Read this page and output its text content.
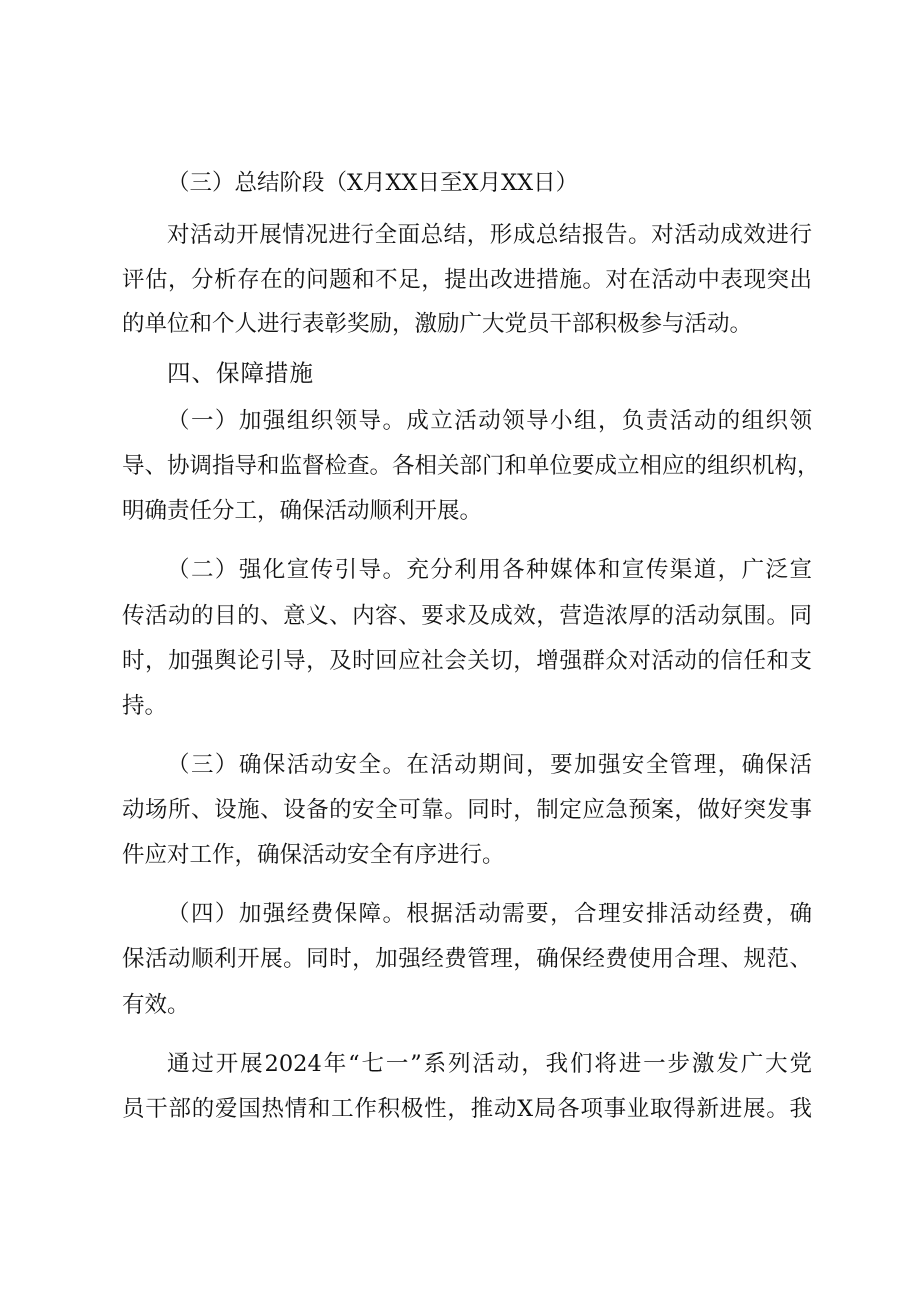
（三）总结阶段（X月XX日至X月XX日）
对活动开展情况进行全面总结，形成总结报告。对活动成效进行
评估，分析存在的问题和不足，提出改进措施。对在活动中表现突出
的单位和个人进行表彰奖励，激励广大党员干部积极参与活动。
四、保障措施
（一）加强组织领导。成立活动领导小组，负责活动的组织领
导、协调指导和监督检查。各相关部门和单位要成立相应的组织机构，
明确责任分工，确保活动顺利开展。
（二）强化宣传引导。充分利用各种媒体和宣传渠道，广泛宣
传活动的目的、意义、内容、要求及成效，营造浓厚的活动氛围。同
时，加强舆论引导，及时回应社会关切，增强群众对活动的信任和支
持。
（三）确保活动安全。在活动期间，要加强安全管理，确保活
动场所、设施、设备的安全可靠。同时，制定应急预案，做好突发事
件应对工作，确保活动安全有序进行。
（四）加强经费保障。根据活动需要，合理安排活动经费，确
保活动顺利开展。同时，加强经费管理，确保经费使用合理、规范、
有效。
通过开展2024年“七一”系列活动，我们将进一步激发广大党
员干部的爱国热情和工作积极性，推动X局各项事业取得新进展。我
